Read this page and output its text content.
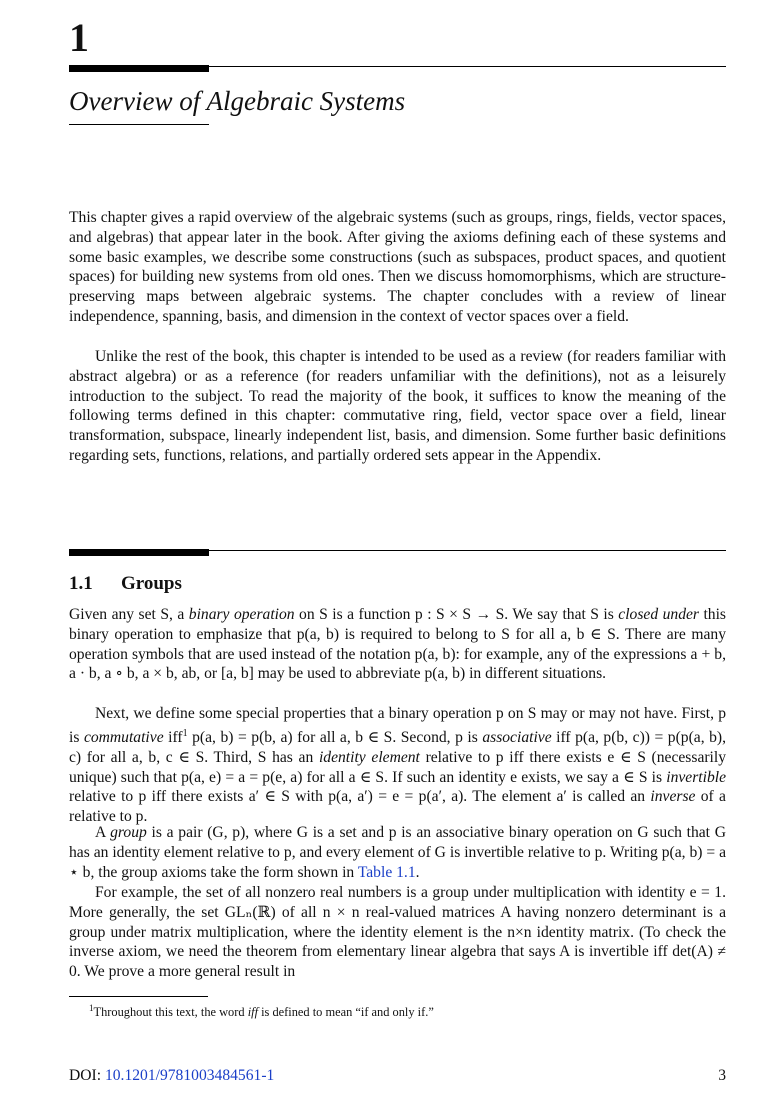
1
Overview of Algebraic Systems
This chapter gives a rapid overview of the algebraic systems (such as groups, rings, fields, vector spaces, and algebras) that appear later in the book. After giving the axioms defining each of these systems and some basic examples, we describe some constructions (such as subspaces, product spaces, and quotient spaces) for building new systems from old ones. Then we discuss homomorphisms, which are structure-preserving maps between algebraic systems. The chapter concludes with a review of linear independence, spanning, basis, and dimension in the context of vector spaces over a field.
Unlike the rest of the book, this chapter is intended to be used as a review (for readers familiar with abstract algebra) or as a reference (for readers unfamiliar with the definitions), not as a leisurely introduction to the subject. To read the majority of the book, it suffices to know the meaning of the following terms defined in this chapter: commutative ring, field, vector space over a field, linear transformation, subspace, linearly independent list, basis, and dimension. Some further basic definitions regarding sets, functions, relations, and partially ordered sets appear in the Appendix.
1.1 Groups
Given any set S, a binary operation on S is a function p : S × S → S. We say that S is closed under this binary operation to emphasize that p(a, b) is required to belong to S for all a, b ∈ S. There are many operation symbols that are used instead of the notation p(a, b): for example, any of the expressions a + b, a · b, a ∘ b, a × b, ab, or [a, b] may be used to abbreviate p(a, b) in different situations.
Next, we define some special properties that a binary operation p on S may or may not have. First, p is commutative iff$^1$ p(a, b) = p(b, a) for all a, b ∈ S. Second, p is associative iff p(a, p(b, c)) = p(p(a, b), c) for all a, b, c ∈ S. Third, S has an identity element relative to p iff there exists e ∈ S (necessarily unique) such that p(a, e) = a = p(e, a) for all a ∈ S. If such an identity e exists, we say a ∈ S is invertible relative to p iff there exists a′ ∈ S with p(a, a′) = e = p(a′, a). The element a′ is called an inverse of a relative to p.
A group is a pair (G, p), where G is a set and p is an associative binary operation on G such that G has an identity element relative to p, and every element of G is invertible relative to p. Writing p(a, b) = a ⋆ b, the group axioms take the form shown in Table 1.1.
For example, the set of all nonzero real numbers is a group under multiplication with identity e = 1. More generally, the set GLₙ(ℝ) of all n × n real-valued matrices A having nonzero determinant is a group under matrix multiplication, where the identity element is the n×n identity matrix. (To check the inverse axiom, we need the theorem from elementary linear algebra that says A is invertible iff det(A) ≠ 0. We prove a more general result in
$^1$Throughout this text, the word iff is defined to mean “if and only if.”
DOI: 10.1201/9781003484561-1	3
